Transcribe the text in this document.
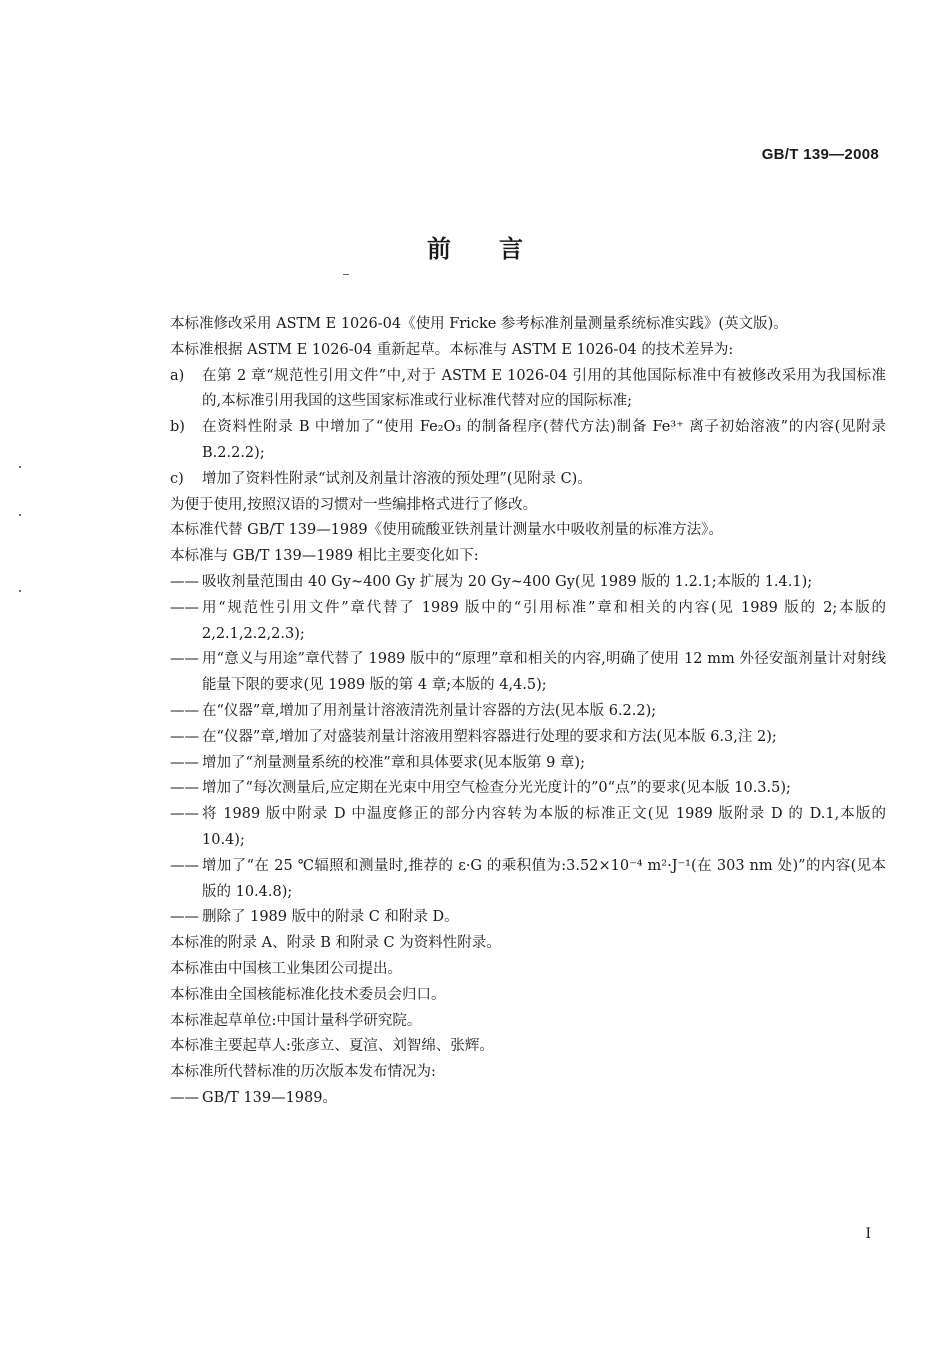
GB/T 139—2008
前言

本标准修改采用 ASTM E 1026-04《使用 Fricke 参考标准剂量测量系统标准实践》(英文版)。

本标准根据 ASTM E 1026-04 重新起草。本标准与 ASTM E 1026-04 的技术差异为:

a)	在第 2 章“规范性引用文件”中,对于 ASTM E 1026-04 引用的其他国际标准中有被修改采用为我国标准的,本标准引用我国的这些国家标准或行业标准代替对应的国际标准;
b)	在资料性附录 B 中增加了“使用 Fe₂O₃ 的制备程序(替代方法)制备 Fe³⁺ 离子初始溶液”的内容(见附录 B.2.2.2);
c)	增加了资料性附录“试剂及剂量计溶液的预处理”(见附录 C)。

为便于使用,按照汉语的习惯对一些编排格式进行了修改。

本标准代替 GB/T 139—1989《使用硫酸亚铁剂量计测量水中吸收剂量的标准方法》。

本标准与 GB/T 139—1989 相比主要变化如下:

—— 吸收剂量范围由 40 Gy~400 Gy 扩展为 20 Gy~400 Gy(见 1989 版的 1.2.1;本版的 1.4.1);
—— 用“规范性引用文件”章代替了 1989 版中的“引用标准”章和相关的内容(见 1989 版的 2;本版的 2,2.1,2.2,2.3);
—— 用“意义与用途”章代替了 1989 版中的“原理”章和相关的内容,明确了使用 12 mm 外径安瓿剂量计对射线能量下限的要求(见 1989 版的第 4 章;本版的 4,4.5);
—— 在“仪器”章,增加了用剂量计溶液清洗剂量计容器的方法(见本版 6.2.2);
—— 在“仪器”章,增加了对盛装剂量计溶液用塑料容器进行处理的要求和方法(见本版 6.3,注 2);
—— 增加了“剂量测量系统的校准”章和具体要求(见本版第 9 章);
—— 增加了“每次测量后,应定期在光束中用空气检查分光光度计的”0“点”的要求(见本版 10.3.5);
—— 将 1989 版中附录 D 中温度修正的部分内容转为本版的标准正文(见 1989 版附录 D 的 D.1,本版的 10.4);
—— 增加了“在 25 ℃辐照和测量时,推荐的 ε·G 的乘积值为:3.52×10⁻⁴ m²·J⁻¹(在 303 nm 处)”的内容(见本版的 10.4.8);
—— 删除了 1989 版中的附录 C 和附录 D。

本标准的附录 A、附录 B 和附录 C 为资料性附录。

本标准由中国核工业集团公司提出。

本标准由全国核能标准化技术委员会归口。

本标准起草单位:中国计量科学研究院。

本标准主要起草人:张彦立、夏渲、刘智绵、张辉。

本标准所代替标准的历次版本发布情况为:

—— GB/T 139—1989。
I
